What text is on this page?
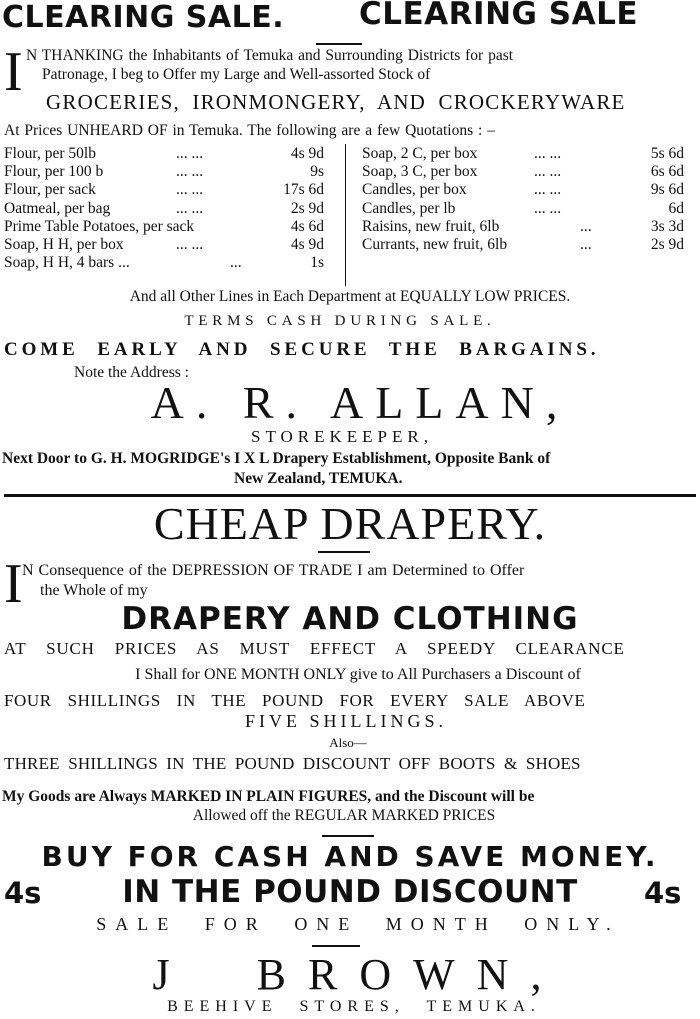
CLEARING SALE. CLEARING SALE
I N THANKING the Inhabitants of Temuka and Surrounding Districts for past
Patronage, I beg to Offer my Large and Well-assorted Stock of
GROCERIES, IRONMONGERY, AND CROCKERYWARE
At Prices UNHEARD OF in Temuka. The following are a few Quotations : –
Flour, per 50lb	... ...	4s 9d
Flour, per 100 b	... ...	9s
Flour, per sack	... ...	17s 6d
Oatmeal, per bag	... ...	2s 9d
Prime Table Potatoes, per sack	4s 6d
Soap, H H, per box	... ...	4s 9d
Soap, H H, 4 bars ...	...	1s
Soap, 2 C, per box	... ...	5s 6d
Soap, 3 C, per box	... ...	6s 6d
Candles, per box	... ...	9s 6d
Candles, per lb	... ...	6d
Raisins, new fruit, 6lb	...	3s 3d
Currants, new fruit, 6lb	...	2s 9d
And all Other Lines in Each Department at EQUALLY LOW PRICES.
TERMS CASH DURING SALE.
COME EARLY AND SECURE THE BARGAINS.
Note the Address :
A. R. ALLAN,
STOREKEEPER,
Next Door to G. H. MOGRIDGE's I X L Drapery Establishment, Opposite Bank of
New Zealand, TEMUKA.
CHEAP DRAPERY.
I N Consequence of the DEPRESSION OF TRADE I am Determined to Offer
the Whole of my
DRAPERY AND CLOTHING
AT SUCH PRICES AS MUST EFFECT A SPEEDY CLEARANCE
I Shall for ONE MONTH ONLY give to All Purchasers a Discount of
FOUR SHILLINGS IN THE POUND FOR EVERY SALE ABOVE
FIVE SHILLINGS.
Also—
THREE SHILLINGS IN THE POUND DISCOUNT OFF BOOTS & SHOES
My Goods are Always MARKED IN PLAIN FIGURES, and the Discount will be
Allowed off the REGULAR MARKED PRICES
BUY FOR CASH AND SAVE MONEY.
4s	IN THE POUND DISCOUNT	4s
SALE FOR ONE MONTH ONLY.
J BROWN,
BEEHIVE STORES, TEMUKA.
